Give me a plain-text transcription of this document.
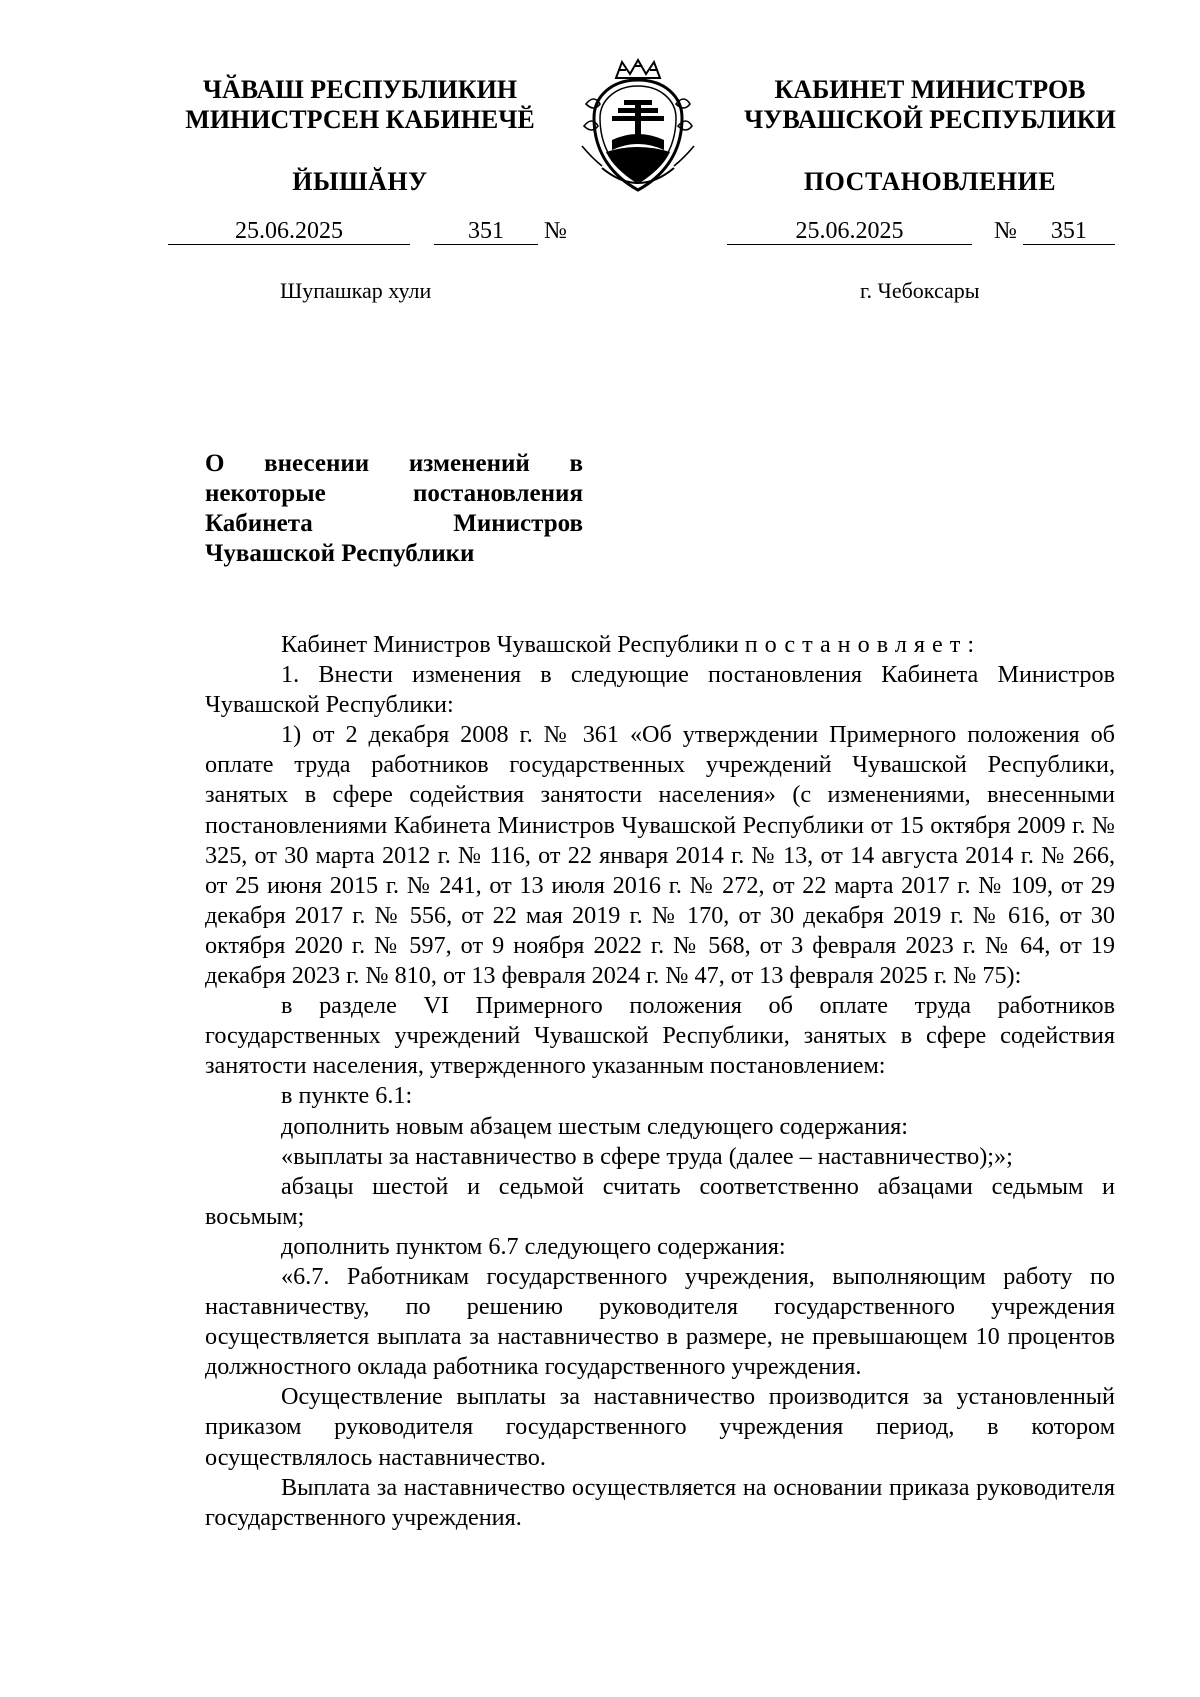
ЧӐВАШ РЕСПУБЛИКИН
МИНИСТРСЕН КАБИНЕЧӖ
ЙЫШĂНУ
КАБИНЕТ МИНИСТРОВ
ЧУВАШСКОЙ РЕСПУБЛИКИ
ПОСТАНОВЛЕНИЕ
25.06.2025	351 №	25.06.2025	№ 351
Шупашкар хули	г. Чебоксары
О внесении изменений в некоторые постановления Кабинета Министров Чувашской Республики

Кабинет Министров Чувашской Республики постановляет:

1. Внести изменения в следующие постановления Кабинета Министров Чувашской Республики:

1) от 2 декабря 2008 г. № 361 «Об утверждении Примерного положения об оплате труда работников государственных учреждений Чувашской Республики, занятых в сфере содействия занятости населения» (с изменениями, внесенными постановлениями Кабинета Министров Чувашской Республики от 15 октября 2009 г. № 325, от 30 марта 2012 г. № 116, от 22 января 2014 г. № 13, от 14 августа 2014 г. № 266, от 25 июня 2015 г. № 241, от 13 июля 2016 г. № 272, от 22 марта 2017 г. № 109, от 29 декабря 2017 г. № 556, от 22 мая 2019 г. № 170, от 30 декабря 2019 г. № 616, от 30 октября 2020 г. № 597, от 9 ноября 2022 г. № 568, от 3 февраля 2023 г. № 64, от 19 декабря 2023 г. № 810, от 13 февраля 2024 г. № 47, от 13 февраля 2025 г. № 75):

в разделе VI Примерного положения об оплате труда работников государственных учреждений Чувашской Республики, занятых в сфере содействия занятости населения, утвержденного указанным постановлением:

в пункте 6.1:

дополнить новым абзацем шестым следующего содержания:

«выплаты за наставничество в сфере труда (далее – наставничество);»;

абзацы шестой и седьмой считать соответственно абзацами седьмым и восьмым;

дополнить пунктом 6.7 следующего содержания:

«6.7. Работникам государственного учреждения, выполняющим работу по наставничеству, по решению руководителя государственного учреждения осуществляется выплата за наставничество в размере, не превышающем 10 процентов должностного оклада работника государственного учреждения.

Осуществление выплаты за наставничество производится за установленный приказом руководителя государственного учреждения период, в котором осуществлялось наставничество.

Выплата за наставничество осуществляется на основании приказа руководителя государственного учреждения.
